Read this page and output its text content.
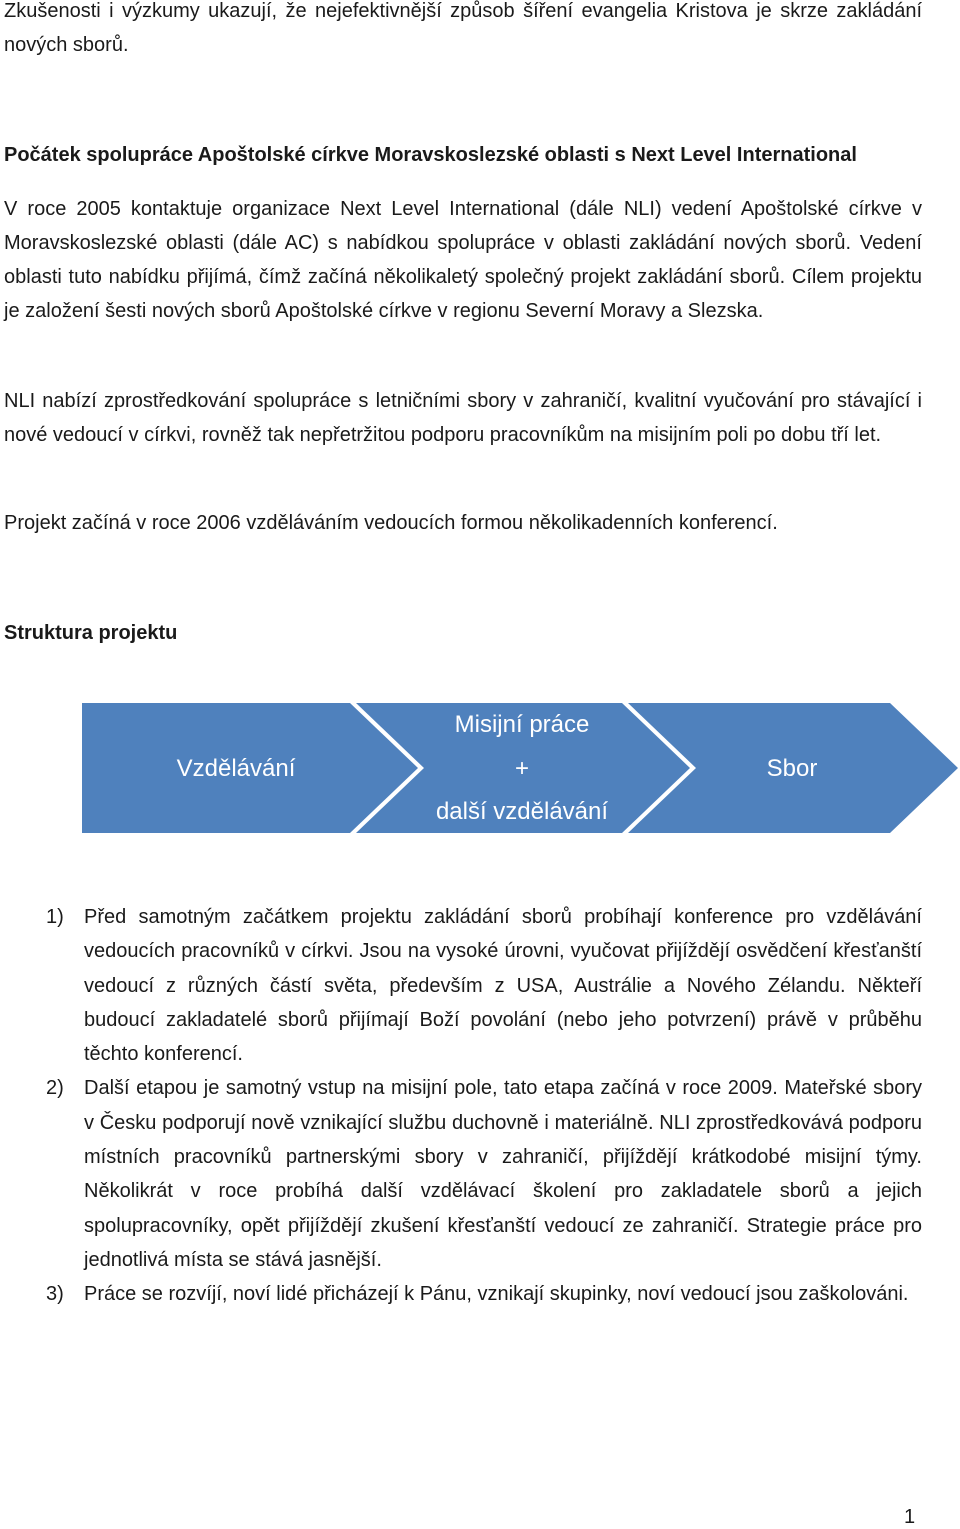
Zkušenosti i výzkumy ukazují, že nejefektivnější způsob šíření evangelia Kristova je skrze zakládání nových sborů.

Počátek spolupráce Apoštolské církve Moravskoslezské oblasti s Next Level International

V roce 2005 kontaktuje organizace Next Level International (dále NLI) vedení Apoštolské církve v Moravskoslezské oblasti (dále AC) s nabídkou spolupráce v oblasti zakládání nových sborů. Vedení oblasti tuto nabídku přijímá, čímž začíná několikaletý společný projekt zakládání sborů. Cílem projektu je založení šesti nových sborů Apoštolské církve v regionu Severní Moravy a Slezska.

NLI nabízí zprostředkování spolupráce s letničními sbory v zahraničí, kvalitní vyučování pro stávající i nové vedoucí v církvi, rovněž tak nepřetržitou podporu pracovníkům na misijním poli po dobu tří let.

Projekt začíná v roce 2006 vzděláváním vedoucích formou několikadenních konferencí.

Struktura projektu
Vzdělávání
Misijní práce
+
další vzdělávání
Sbor
1) Před samotným začátkem projektu zakládání sborů probíhají konference pro vzdělávání vedoucích pracovníků v církvi. Jsou na vysoké úrovni, vyučovat přijíždějí osvědčení křesťanští vedoucí z různých částí světa, především z USA, Austrálie a Nového Zélandu. Někteří budoucí zakladatelé sborů přijímají Boží povolání (nebo jeho potvrzení) právě v průběhu těchto konferencí.
2) Další etapou je samotný vstup na misijní pole, tato etapa začíná v roce 2009. Mateřské sbory v Česku podporují nově vznikající službu duchovně i materiálně. NLI zprostředkovává podporu místních pracovníků partnerskými sbory v zahraničí, přijíždějí krátkodobé misijní týmy. Několikrát v roce probíhá další vzdělávací školení pro zakladatele sborů a jejich spolupracovníky, opět přijíždějí zkušení křesťanští vedoucí ze zahraničí. Strategie práce pro jednotlivá místa se stává jasnější.
3) Práce se rozvíjí, noví lidé přicházejí k Pánu, vznikají skupinky, noví vedoucí jsou zaškolováni.
1
